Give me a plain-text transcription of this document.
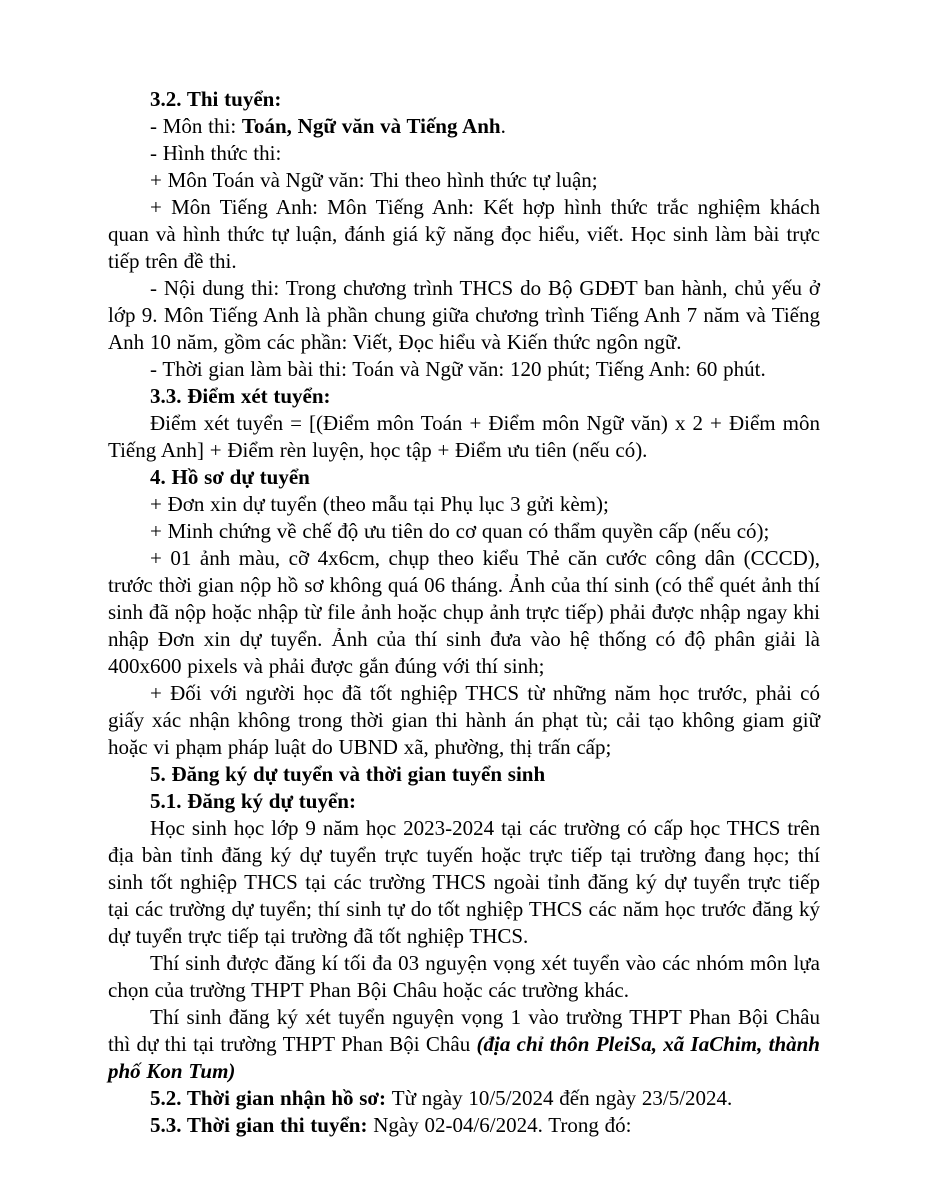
3.2. Thi tuyển:

- Môn thi: Toán, Ngữ văn và Tiếng Anh.

- Hình thức thi:

+ Môn Toán và Ngữ văn: Thi theo hình thức tự luận;

+ Môn Tiếng Anh: Môn Tiếng Anh: Kết hợp hình thức trắc nghiệm khách quan và hình thức tự luận, đánh giá kỹ năng đọc hiểu, viết. Học sinh làm bài trực tiếp trên đề thi.

- Nội dung thi: Trong chương trình THCS do Bộ GDĐT ban hành, chủ yếu ở lớp 9. Môn Tiếng Anh là phần chung giữa chương trình Tiếng Anh 7 năm và Tiếng Anh 10 năm, gồm các phần: Viết, Đọc hiểu và Kiến thức ngôn ngữ.

- Thời gian làm bài thi: Toán và Ngữ văn: 120 phút; Tiếng Anh: 60 phút.

3.3. Điểm xét tuyển:

Điểm xét tuyển = [(Điểm môn Toán + Điểm môn Ngữ văn) x 2 + Điểm môn Tiếng Anh] + Điểm rèn luyện, học tập + Điểm ưu tiên (nếu có).

4. Hồ sơ dự tuyển

+ Đơn xin dự tuyển (theo mẫu tại Phụ lục 3 gửi kèm);

+ Minh chứng về chế độ ưu tiên do cơ quan có thẩm quyền cấp (nếu có);

+ 01 ảnh màu, cỡ 4x6cm, chụp theo kiểu Thẻ căn cước công dân (CCCD), trước thời gian nộp hồ sơ không quá 06 tháng. Ảnh của thí sinh (có thể quét ảnh thí sinh đã nộp hoặc nhập từ file ảnh hoặc chụp ảnh trực tiếp) phải được nhập ngay khi nhập Đơn xin dự tuyển. Ảnh của thí sinh đưa vào hệ thống có độ phân giải là 400x600 pixels và phải được gắn đúng với thí sinh;

+ Đối với người học đã tốt nghiệp THCS từ những năm học trước, phải có giấy xác nhận không trong thời gian thi hành án phạt tù; cải tạo không giam giữ hoặc vi phạm pháp luật do UBND xã, phường, thị trấn cấp;

5. Đăng ký dự tuyển và thời gian tuyển sinh

5.1. Đăng ký dự tuyển:

Học sinh học lớp 9 năm học 2023-2024 tại các trường có cấp học THCS trên địa bàn tỉnh đăng ký dự tuyển trực tuyến hoặc trực tiếp tại trường đang học; thí sinh tốt nghiệp THCS tại các trường THCS ngoài tỉnh đăng ký dự tuyển trực tiếp tại các trường dự tuyển; thí sinh tự do tốt nghiệp THCS các năm học trước đăng ký dự tuyển trực tiếp tại trường đã tốt nghiệp THCS.

Thí sinh được đăng kí tối đa 03 nguyện vọng xét tuyển vào các nhóm môn lựa chọn của trường THPT Phan Bội Châu hoặc các trường khác.

Thí sinh đăng ký xét tuyển nguyện vọng 1 vào trường THPT Phan Bội Châu thì dự thi tại trường THPT Phan Bội Châu (địa chỉ thôn PleiSa, xã IaChim, thành phố Kon Tum)

5.2. Thời gian nhận hồ sơ: Từ ngày 10/5/2024 đến ngày 23/5/2024.

5.3. Thời gian thi tuyển: Ngày 02-04/6/2024. Trong đó:
